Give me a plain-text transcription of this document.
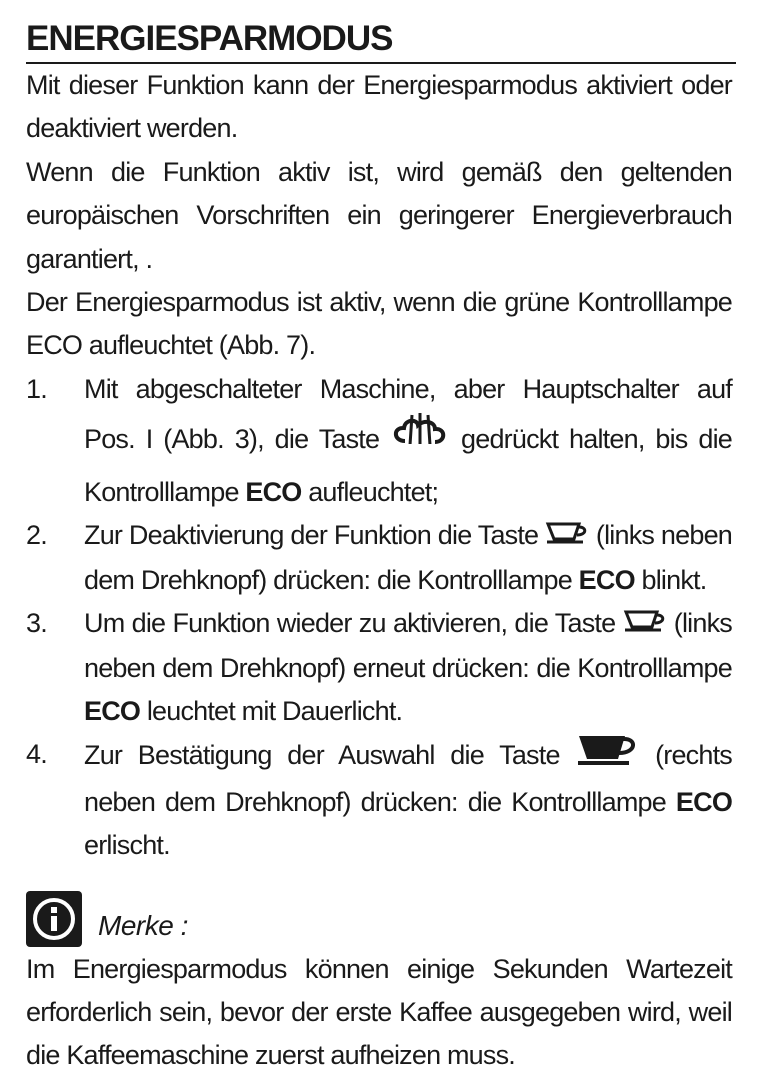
ENERGIESPARMODUS

Mit dieser Funktion kann der Energiesparmodus aktiviert oder deaktiviert werden.

Wenn die Funktion aktiv ist, wird gemäß den geltenden europäischen Vorschriften ein geringerer Energieverbrauch garantiert, .

Der Energiesparmodus ist aktiv, wenn die grüne Kontrolllampe ECO aufleuchtet (Abb. 7).

1.	Mit abgeschalteter Maschine, aber Hauptschalter auf Pos. I (Abb. 3), die Taste	gedrückt halten, bis die Kontrolllampe ECO aufleuchtet;
2.	Zur Deaktivierung der Funktion die Taste (links neben dem Drehknopf) drücken: die Kontrolllampe ECO blinkt.
3.	Um die Funktion wieder zu aktivieren, die Taste (links neben dem Drehknopf) erneut drücken: die Kontrolllampe ECO leuchtet mit Dauerlicht.
4.	Zur Bestätigung der Auswahl die Taste	(rechts neben dem Drehknopf) drücken: die Kontrolllampe ECO erlischt.
Merke :

Im Energiesparmodus können einige Sekunden Wartezeit erforderlich sein, bevor der erste Kaffee ausgegeben wird, weil die Kaffeemaschine zuerst aufheizen muss.
